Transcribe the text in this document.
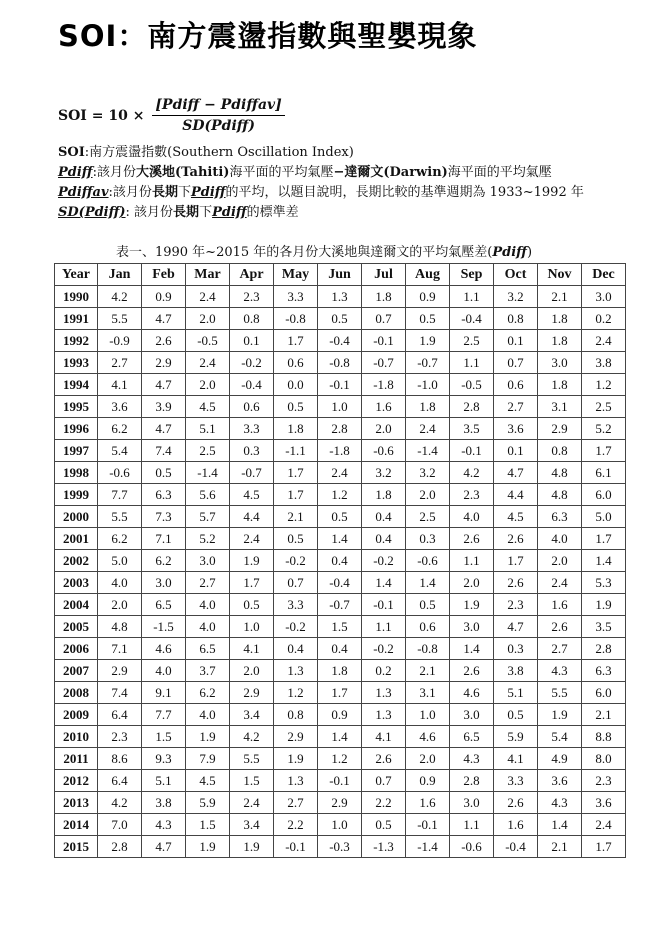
SOI：南方震盪指數與聖嬰現象
SOI = $10 \times \frac{\text{[Pdiff − Pdiffav]}}{\text{SD(Pdiff)}}$
SOI:南方震盪指數(Southern Oscillation Index)
Pdiff:該月份大溪地(Tahiti)海平面的平均氣壓−達爾文(Darwin)海平面的平均氣壓
Pdiffav:該月份長期下Pdiff的平均，以題目說明，長期比較的基準週期為 1933~1992 年
SD(Pdiff): 該月份長期下Pdiff的標準差
表一、1990 年~2015 年的各月份大溪地與達爾文的平均氣壓差(Pdiff)
Year	Jan	Feb	Mar	Apr	May	Jun	Jul	Aug	Sep	Oct	Nov	Dec
1990	4.2	0.9	2.4	2.3	3.3	1.3	1.8	0.9	1.1	3.2	2.1	3.0
1991	5.5	4.7	2.0	0.8	-0.8	0.5	0.7	0.5	-0.4	0.8	1.8	0.2
1992	-0.9	2.6	-0.5	0.1	1.7	-0.4	-0.1	1.9	2.5	0.1	1.8	2.4
1993	2.7	2.9	2.4	-0.2	0.6	-0.8	-0.7	-0.7	1.1	0.7	3.0	3.8
1994	4.1	4.7	2.0	-0.4	0.0	-0.1	-1.8	-1.0	-0.5	0.6	1.8	1.2
1995	3.6	3.9	4.5	0.6	0.5	1.0	1.6	1.8	2.8	2.7	3.1	2.5
1996	6.2	4.7	5.1	3.3	1.8	2.8	2.0	2.4	3.5	3.6	2.9	5.2
1997	5.4	7.4	2.5	0.3	-1.1	-1.8	-0.6	-1.4	-0.1	0.1	0.8	1.7
1998	-0.6	0.5	-1.4	-0.7	1.7	2.4	3.2	3.2	4.2	4.7	4.8	6.1
1999	7.7	6.3	5.6	4.5	1.7	1.2	1.8	2.0	2.3	4.4	4.8	6.0
2000	5.5	7.3	5.7	4.4	2.1	0.5	0.4	2.5	4.0	4.5	6.3	5.0
2001	6.2	7.1	5.2	2.4	0.5	1.4	0.4	0.3	2.6	2.6	4.0	1.7
2002	5.0	6.2	3.0	1.9	-0.2	0.4	-0.2	-0.6	1.1	1.7	2.0	1.4
2003	4.0	3.0	2.7	1.7	0.7	-0.4	1.4	1.4	2.0	2.6	2.4	5.3
2004	2.0	6.5	4.0	0.5	3.3	-0.7	-0.1	0.5	1.9	2.3	1.6	1.9
2005	4.8	-1.5	4.0	1.0	-0.2	1.5	1.1	0.6	3.0	4.7	2.6	3.5
2006	7.1	4.6	6.5	4.1	0.4	0.4	-0.2	-0.8	1.4	0.3	2.7	2.8
2007	2.9	4.0	3.7	2.0	1.3	1.8	0.2	2.1	2.6	3.8	4.3	6.3
2008	7.4	9.1	6.2	2.9	1.2	1.7	1.3	3.1	4.6	5.1	5.5	6.0
2009	6.4	7.7	4.0	3.4	0.8	0.9	1.3	1.0	3.0	0.5	1.9	2.1
2010	2.3	1.5	1.9	4.2	2.9	1.4	4.1	4.6	6.5	5.9	5.4	8.8
2011	8.6	9.3	7.9	5.5	1.9	1.2	2.6	2.0	4.3	4.1	4.9	8.0
2012	6.4	5.1	4.5	1.5	1.3	-0.1	0.7	0.9	2.8	3.3	3.6	2.3
2013	4.2	3.8	5.9	2.4	2.7	2.9	2.2	1.6	3.0	2.6	4.3	3.6
2014	7.0	4.3	1.5	3.4	2.2	1.0	0.5	-0.1	1.1	1.6	1.4	2.4
2015	2.8	4.7	1.9	1.9	-0.1	-0.3	-1.3	-1.4	-0.6	-0.4	2.1	1.7
